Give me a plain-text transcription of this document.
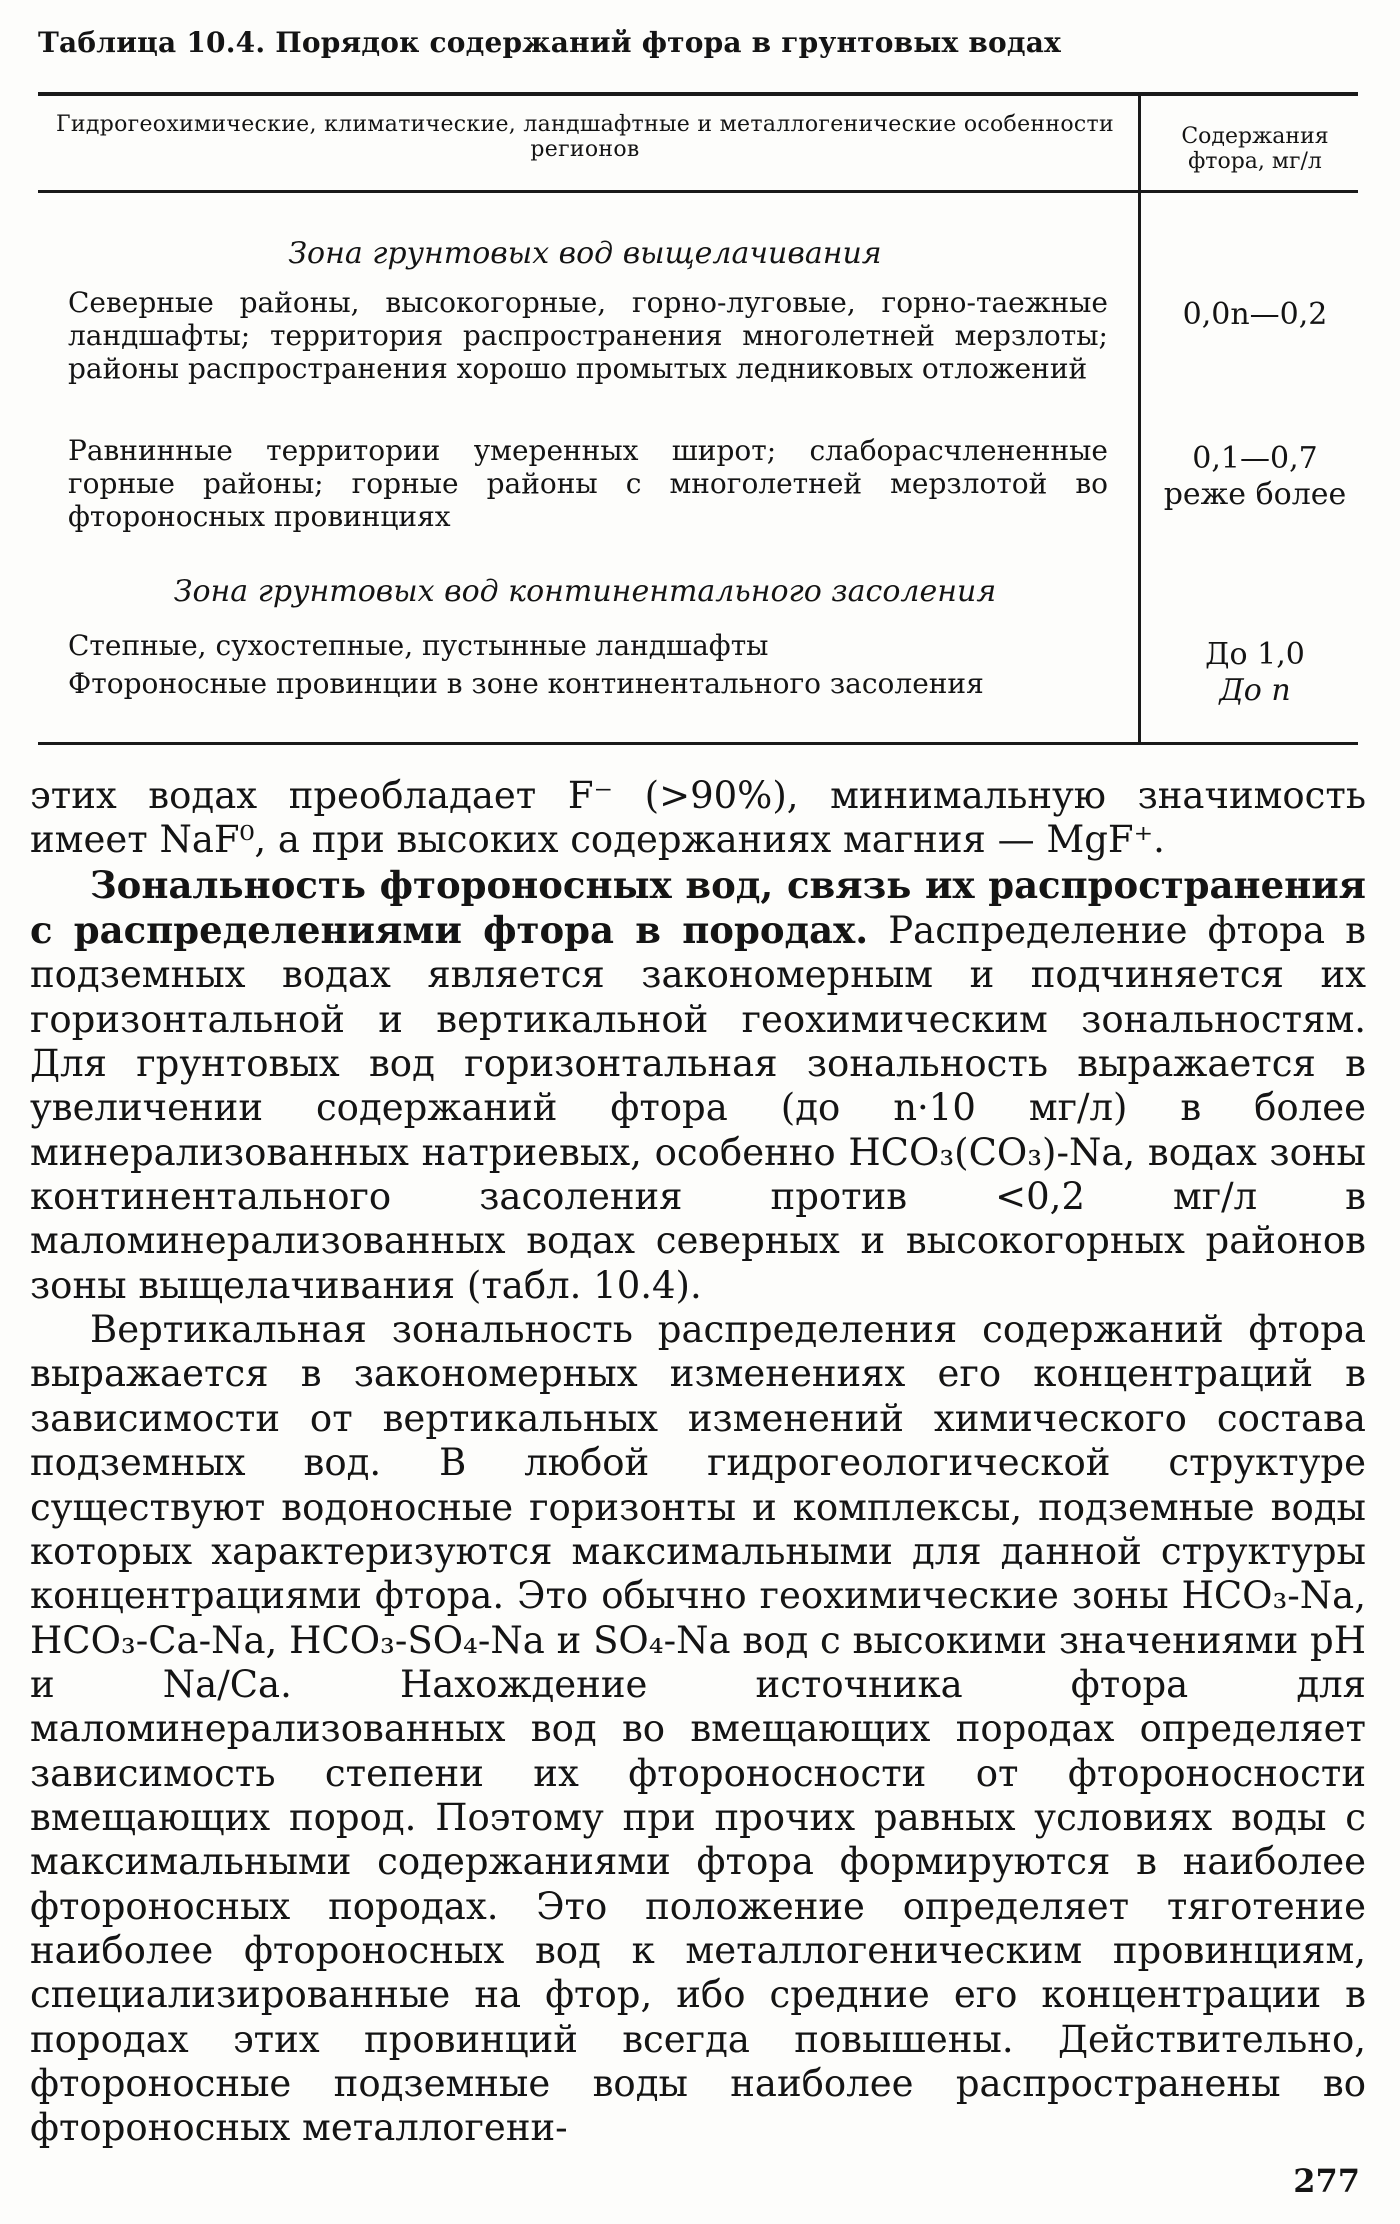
Таблица 10.4. Порядок содержаний фтора в грунтовых водах
Гидрогеохимические, климатические, ландшафтные и металлогенические особенности регионов
Содержания фтора, мг/л
Зона грунтовых вод выщелачивания
Северные районы, высокогорные, горно-луговые, горно-таежные ландшафты; территория распространения многолетней мерзлоты; районы распространения хорошо промытых ледниковых отложений
0,0n—0,2
Равнинные территории умеренных широт; слаборасчлененные горные районы; горные районы с многолетней мерзлотой во фтороносных провинциях
0,1—0,7
реже более
Зона грунтовых вод континентального засоления
Степные, сухостепные, пустынные ландшафты	До 1,0
Фтороносные провинции в зоне континентального засоления	До n

этих водах преобладает F⁻ (>90%), минимальную значимость имеет NaF⁰, а при высоких содержаниях магния — MgF⁺.

Зональность фтороносных вод, связь их распространения с распределениями фтора в породах. Распределение фтора в подземных водах является закономерным и подчиняется их горизонтальной и вертикальной геохимическим зональностям. Для грунтовых вод горизонтальная зональность выражается в увеличении содержаний фтора (до n·10 мг/л) в более минерализованных натриевых, особенно HCO₃(CO₃)-Na, водах зоны континентального засоления против <0,2 мг/л в маломинерализованных водах северных и высокогорных районов зоны выщелачивания (табл. 10.4).

Вертикальная зональность распределения содержаний фтора выражается в закономерных изменениях его концентраций в зависимости от вертикальных изменений химического состава подземных вод. В любой гидрогеологической структуре существуют водоносные горизонты и комплексы, подземные воды которых характеризуются максимальными для данной структуры концентрациями фтора. Это обычно геохимические зоны HCO₃-Na, HCO₃-Ca-Na, HCO₃-SO₄-Na и SO₄-Na вод с высокими значениями pH и Na/Ca. Нахождение источника фтора для маломинерализованных вод во вмещающих породах определяет зависимость степени их фтороносности от фтороносности вмещающих пород. Поэтому при прочих равных условиях воды с максимальными содержаниями фтора формируются в наиболее фтороносных породах. Это положение определяет тяготение наиболее фтороносных вод к металлогеническим провинциям, специализированные на фтор, ибо средние его концентрации в породах этих провинций всегда повышены. Действительно, фтороносные подземные воды наиболее распространены во фтороносных металлогени-

277
